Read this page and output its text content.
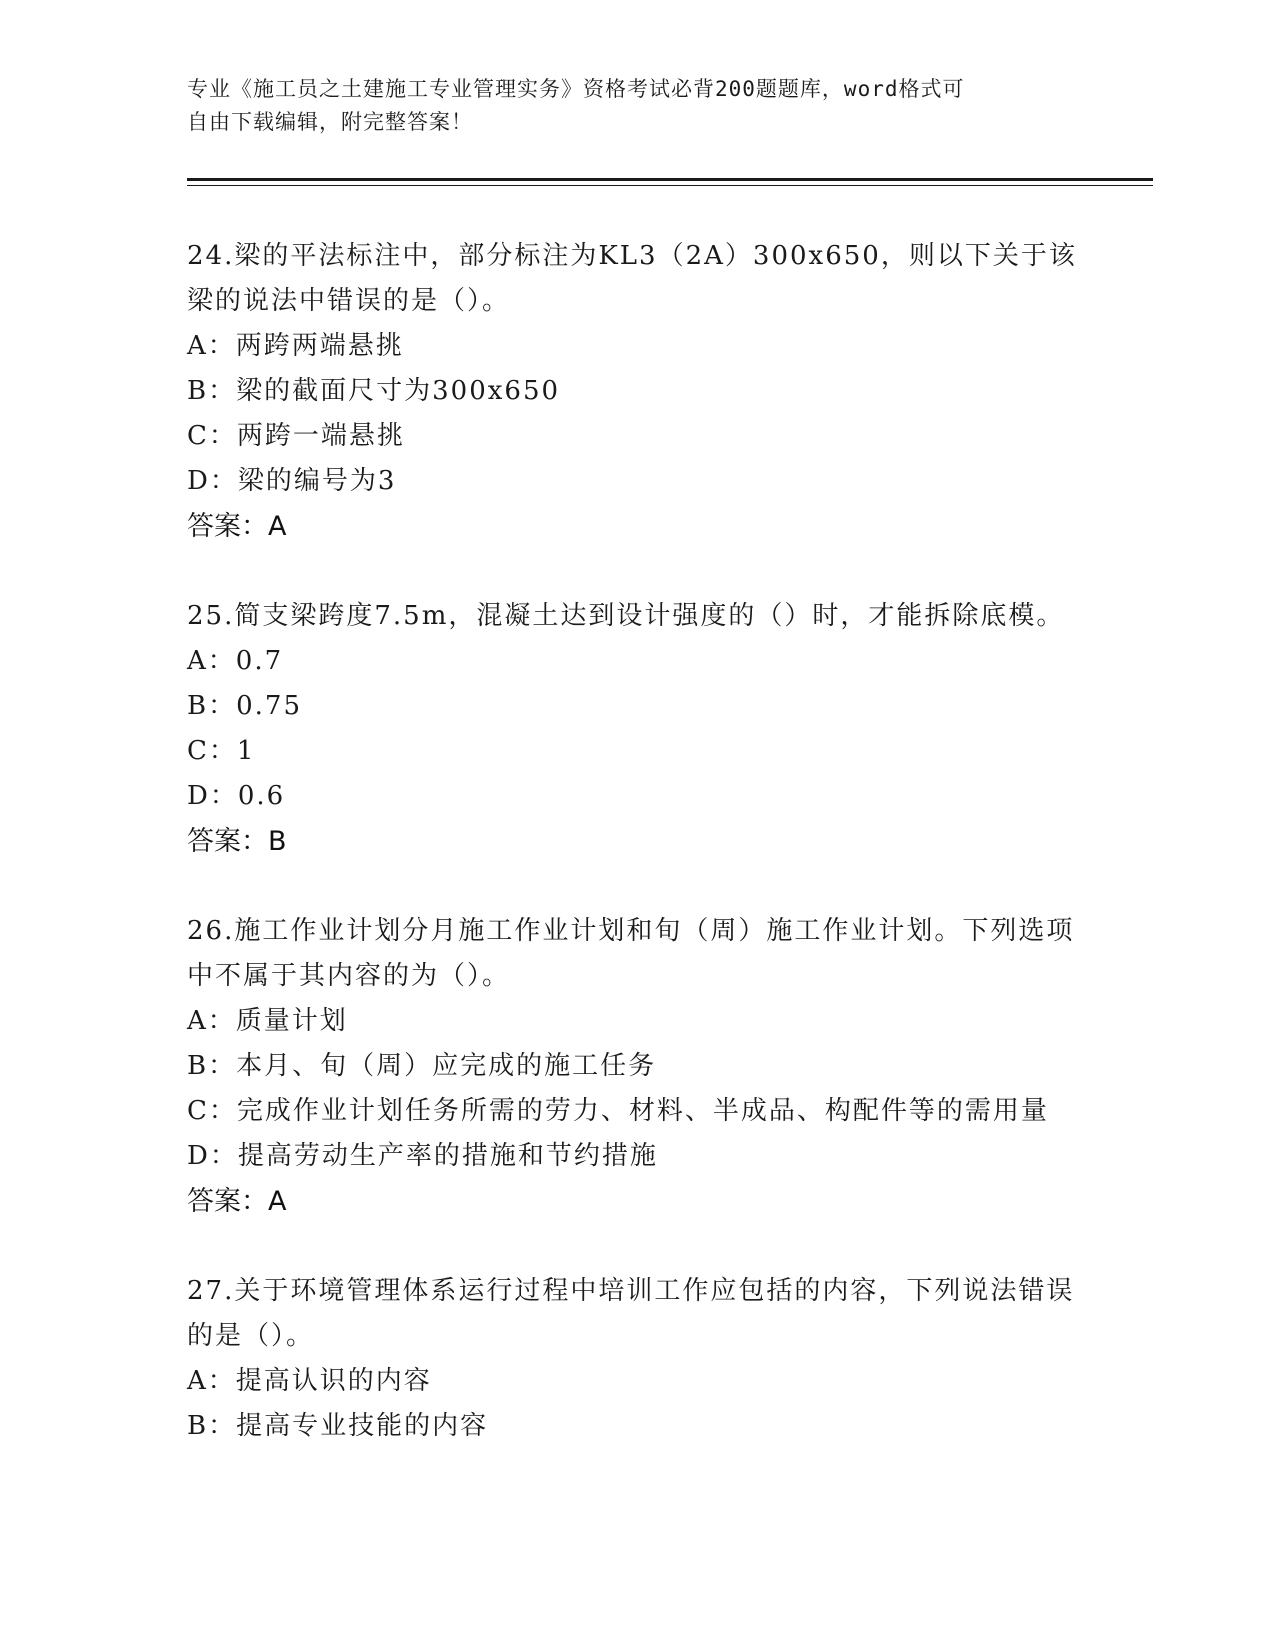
专业《施工员之土建施工专业管理实务》资格考试必背200题题库，word格式可
自由下载编辑，附完整答案！
24.梁的平法标注中，部分标注为KL3（2A）300x650，则以下关于该梁的说法中错误的是（）。
A：两跨两端悬挑
B：梁的截面尺寸为300x650
C：两跨一端悬挑
D：梁的编号为3
答案：A
25.简支梁跨度7.5m，混凝土达到设计强度的（）时，才能拆除底模。
A：0.7
B：0.75
C：1
D：0.6
答案：B
26.施工作业计划分月施工作业计划和旬（周）施工作业计划。下列选项中不属于其内容的为（）。
A：质量计划
B：本月、旬（周）应完成的施工任务
C：完成作业计划任务所需的劳力、材料、半成品、构配件等的需用量
D：提高劳动生产率的措施和节约措施
答案：A
27.关于环境管理体系运行过程中培训工作应包括的内容，下列说法错误的是（）。
A：提高认识的内容
B：提高专业技能的内容
